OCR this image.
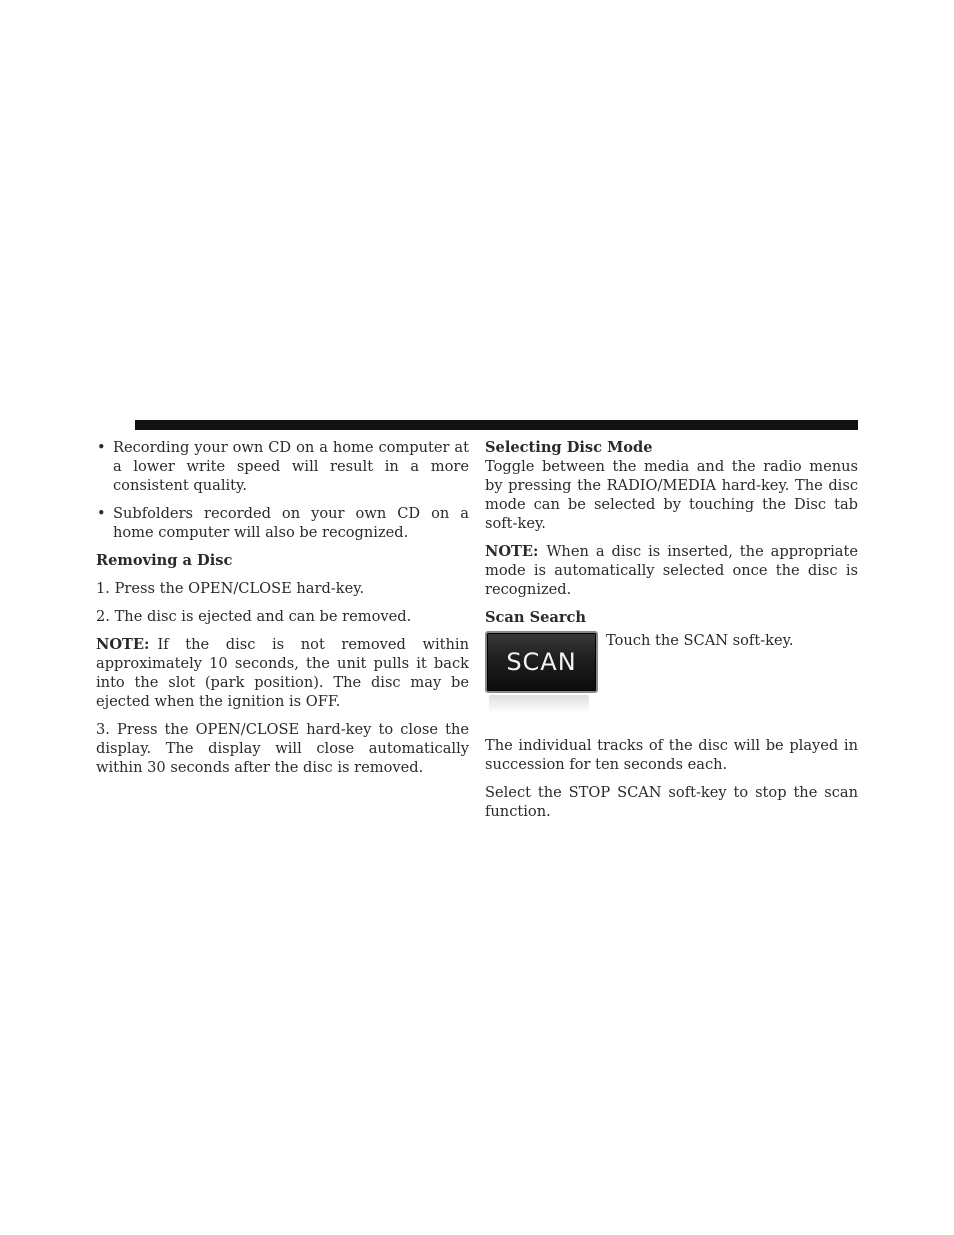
• Recording your own CD on a home computer at a lower write speed will result in a more consistent quality.
• Subfolders recorded on your own CD on a home computer will also be recognized.

Removing a Disc

1. Press the OPEN/CLOSE hard-key.

2. The disc is ejected and can be removed.

NOTE: If the disc is not removed within approximately 10 seconds, the unit pulls it back into the slot (park position). The disc may be ejected when the ignition is OFF.

3. Press the OPEN/CLOSE hard-key to close the display. The display will close automatically within 30 seconds after the disc is removed.

Selecting Disc Mode

Toggle between the media and the radio menus by pressing the RADIO/MEDIA hard-key. The disc mode can be selected by touching the Disc tab soft-key.

NOTE: When a disc is inserted, the appropriate mode is automatically selected once the disc is recognized.

Scan Search

SCAN

Touch the SCAN soft-key.

The individual tracks of the disc will be played in succession for ten seconds each.

Select the STOP SCAN soft-key to stop the scan function.
